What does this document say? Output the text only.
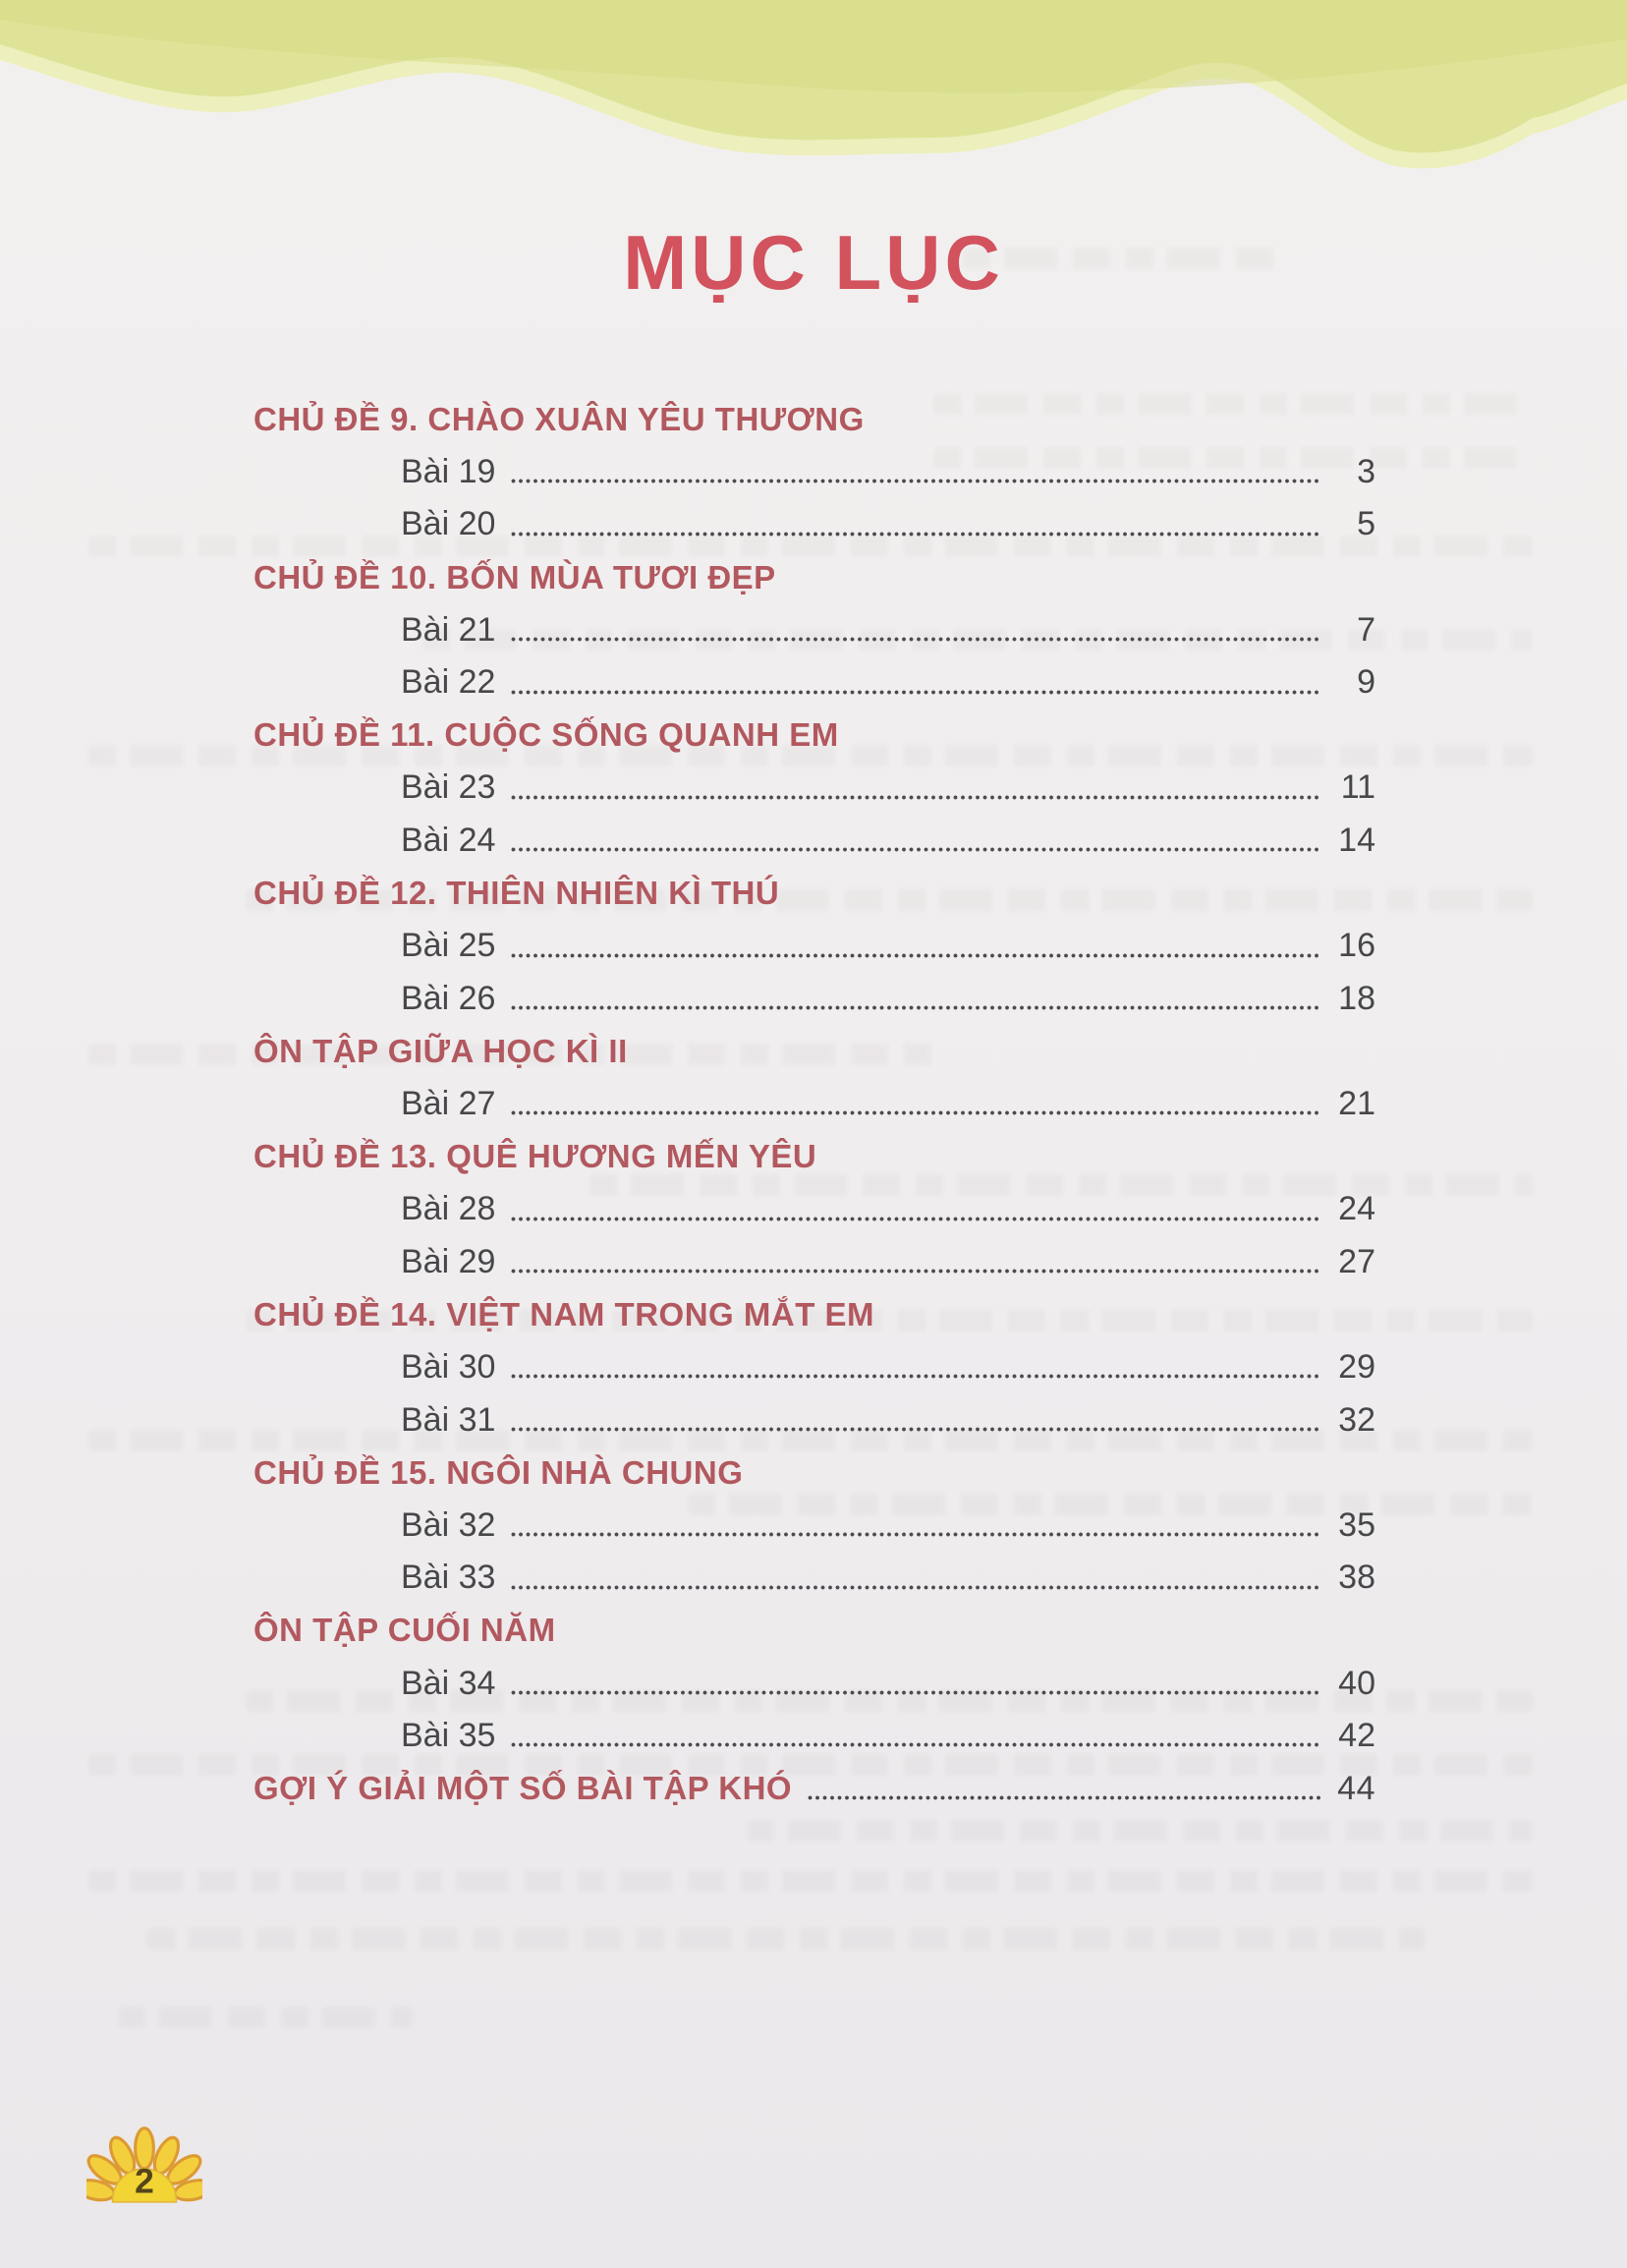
MỤC LỤC
CHỦ ĐỀ 9. CHÀO XUÂN YÊU THƯƠNG
Bài 19	3
Bài 20	5
CHỦ ĐỀ 10. BỐN MÙA TƯƠI ĐẸP
Bài 21	7
Bài 22	9
CHỦ ĐỀ 11. CUỘC SỐNG QUANH EM
Bài 23	11
Bài 24	14
CHỦ ĐỀ 12. THIÊN NHIÊN KÌ THÚ
Bài 25	16
Bài 26	18
ÔN TẬP GIỮA HỌC KÌ II
Bài 27	21
CHỦ ĐỀ 13. QUÊ HƯƠNG MẾN YÊU
Bài 28	24
Bài 29	27
CHỦ ĐỀ 14. VIỆT NAM TRONG MẮT EM
Bài 30	29
Bài 31	32
CHỦ ĐỀ 15. NGÔI NHÀ CHUNG
Bài 32	35
Bài 33	38
ÔN TẬP CUỐI NĂM
Bài 34	40
Bài 35	42
GỢI Ý GIẢI MỘT SỐ BÀI TẬP KHÓ	44
2
